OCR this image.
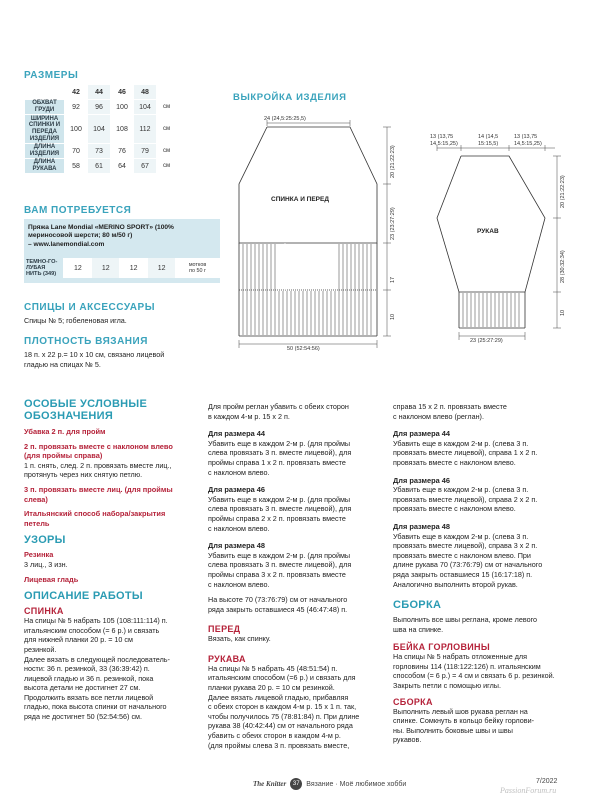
РАЗМЕРЫ
	42	44	46	48	
ОБХВАТ ГРУДИ	92	96	100	104	см
ШИРИНА СПИНКИ И ПЕРЕДА ИЗДЕЛИЯ	100	104	108	112	см
ДЛИНА ИЗДЕЛИЯ	70	73	76	79	см
ДЛИНА РУКАВА	58	61	64	67	см
ВАМ ПОТРЕБУЕТСЯ
Пряжа Lane Mondial «MERINO SPORT» (100%
мериносовой шерсти; 80 м/50 г)
– www.lanemondial.com
ТЕМНО-ГО-
ЛУБАЯ
НИТЬ (349)
	12	12	12	12	мотков
по 50 г
СПИЦЫ И АКСЕССУАРЫ
Спицы № 5; гобеленовая игла.
ПЛОТНОСТЬ ВЯЗАНИЯ
18 п. x 22 р.= 10 x 10 см, связано лицевой
гладью на спицах № 5.
ВЫКРОЙКА ИЗДЕЛИЯ
24 (24,5:25:25,5)
СПИНКА И ПЕРЕД
20 (21:22:23)
23 (23:27:29)
17
10
50 (52:54:56)
13 (13,75
14,5:15,25)
14 (14,5
15:15,5)
13 (13,75
14,5:15,25)
РУКАВ
20 (21:22:23)
28 (30:32:34)
10
23 (25:27:29)
ОСОБЫЕ УСЛОВНЫЕ
ОБОЗНАЧЕНИЯ
Убавка 2 п. для пройм
2 п. провязать вместе с наклоном влево
(для проймы справа)
1 п. снять, след. 2 п. провязать вместе лиц.,
протянуть через них снятую петлю.
3 п. провязать вместе лиц. (для проймы
слева)
Итальянский способ набора/закрытия
петель
УЗОРЫ
Резинка
3 лиц., 3 изн.
Лицевая гладь
ОПИСАНИЕ РАБОТЫ
СПИНКА
На спицы № 5 набрать 105 (108:111:114) п.
итальянским способом (= 6 р.) и связать
для нижней планки 20 р. = 10 см
резинкой.
Далее вязать в следующей последователь-
ности: 36 п. резинкой, 33 (36:39:42) п.
лицевой гладью и 36 п. резинкой, пока
высота детали не достигнет 27 см.
Продолжить вязать все петли лицевой
гладью, пока высота спинки от начального
ряда не достигнет 50 (52:54:56) см.
Для пройм реглан убавить с обеих сторон
в каждом 4-м р. 15 x 2 п.
Для размера 44
Убавить еще в каждом 2-м р. (для проймы
слева провязать 3 п. вместе лицевой), для
проймы справа 1 x 2 п. провязать вместе
с наклоном влево.
Для размера 46
Убавить еще в каждом 2-м р. (для проймы
слева провязать 3 п. вместе лицевой), для
проймы справа 2 x 2 п. провязать вместе
с наклоном влево.
Для размера 48
Убавить еще в каждом 2-м р. (для проймы
слева провязать 3 п. вместе лицевой), для
проймы справа 3 x 2 п. провязать вместе
с наклоном влево.
На высоте 70 (73:76:79) см от начального
ряда закрыть оставшиеся 45 (46:47:48) п.
ПЕРЕД
Вязать, как спинку.
РУКАВА
На спицы № 5 набрать 45 (48:51:54) п.
итальянским способом (=6 р.) и связать для
планки рукава 20 р. = 10 см резинкой.
Далее вязать лицевой гладью, прибавляя
с обеих сторон в каждом 4-м р. 15 x 1 п. так,
чтобы получилось 75 (78:81:84) п. При длине
рукава 38 (40:42:44) см от начального ряда
убавить с обеих сторон в каждом 4-м р.
(для проймы слева 3 п. провязать вместе,
справа 15 x 2 п. провязать вместе
с наклоном влево (реглан).
Для размера 44
Убавить еще в каждом 2-м р. (слева 3 п.
провязать вместе лицевой), справа 1 x 2 п.
провязать вместе с наклоном влево.
Для размера 46
Убавить еще в каждом 2-м р. (слева 3 п.
провязать вместе лицевой), справа 2 x 2 п.
провязать вместе с наклоном влево.
Для размера 48
Убавить еще в каждом 2-м р. (слева 3 п.
провязать вместе лицевой), справа 3 x 2 п.
провязать вместе с наклоном влево. При
длине рукава 70 (73:76:79) см от начального
ряда закрыть оставшиеся 15 (16:17:18) п.
Аналогично выполнить второй рукав.
СБОРКА
Выполнить все швы реглана, кроме левого
шва на спинке.
БЕЙКА ГОРЛОВИНЫ
На спицы № 5 набрать отложенные для
горловины 114 (118:122:126) п. итальянским
способом (= 6 р.) = 4 см и связать 6 р. резинкой.
Закрыть петли с помощью иглы.
СБОРКА
Выполнить левый шов рукава реглан на
спинке. Сомкнуть в кольцо бейку горлови-
ны. Выполнить боковые швы и швы
рукавов.
The Knitter	37 Вязание · Моё любимое хобби	7/2022
PassionForum.ru
